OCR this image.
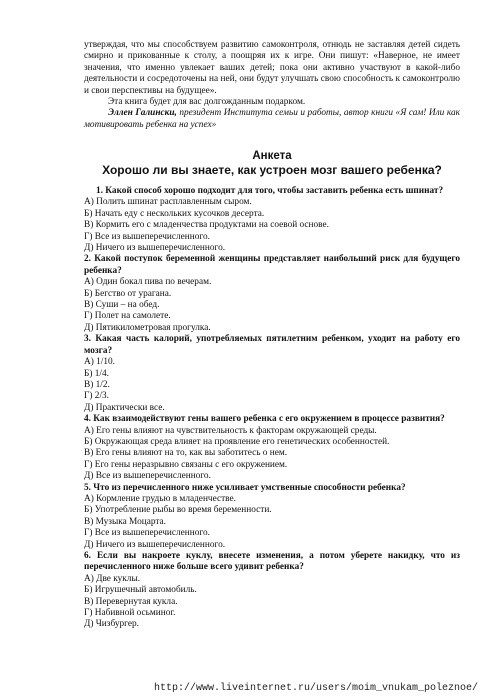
утверждая, что мы способствуем развитию самоконтроля, отнюдь не заставляя детей сидеть смирно и прикованные к столу, а поощряя их к игре. Они пишут: «Наверное, не имеет значения, что именно увлекает ваших детей; пока они активно участвуют в какой-либо деятельности и сосредоточены на ней, они будут улучшать свою способность к самоконтролю и свои перспективы на будущее».

Эта книга будет для вас долгожданным подарком.

Эллен Галински, президент Института семьи и работы, автор книги «Я сам! Или как мотивировать ребенка на успех»

Анкета
Хорошо ли вы знаете, как устроен мозг вашего ребенка?

1. Какой способ хорошо подходит для того, чтобы заставить ребенка есть шпинат?

А) Полить шпинат расплавленным сыром.
Б) Начать еду с нескольких кусочков десерта.
В) Кормить его с младенчества продуктами на соевой основе.
Г) Все из вышеперечисленного.
Д) Ничего из вышеперечисленного.

2. Какой поступок беременной женщины представляет наибольший риск для будущего ребенка?

А) Один бокал пива по вечерам.
Б) Бегство от урагана.
В) Суши – на обед.
Г) Полет на самолете.
Д) Пятикилометровая прогулка.

3. Какая часть калорий, употребляемых пятилетним ребенком, уходит на работу его мозга?

А) 1/10.
Б) 1/4.
В) 1/2.
Г) 2/3.
Д) Практически все.

4. Как взаимодействуют гены вашего ребенка с его окружением в процессе развития?

А) Его гены влияют на чувствительность к факторам окружающей среды.
Б) Окружающая среда влияет на проявление его генетических особенностей.
В) Его гены влияют на то, как вы заботитесь о нем.
Г) Его гены неразрывно связаны с его окружением.
Д) Все из вышеперечисленного.

5. Что из перечисленного ниже усиливает умственные способности ребенка?

А) Кормление грудью в младенчестве.
Б) Употребление рыбы во время беременности.
В) Музыка Моцарта.
Г) Все из вышеперечисленного.
Д) Ничего из вышеперечисленного.

6. Если вы накроете куклу, внесете изменения, а потом уберете накидку, что из перечисленного ниже больше всего удивит ребенка?

А) Две куклы.
Б) Игрушечный автомобиль.
В) Перевернутая кукла.
Г) Набивной осьминог.
Д) Чизбургер.
http://www.liveinternet.ru/users/moim_vnukam_poleznoe/
